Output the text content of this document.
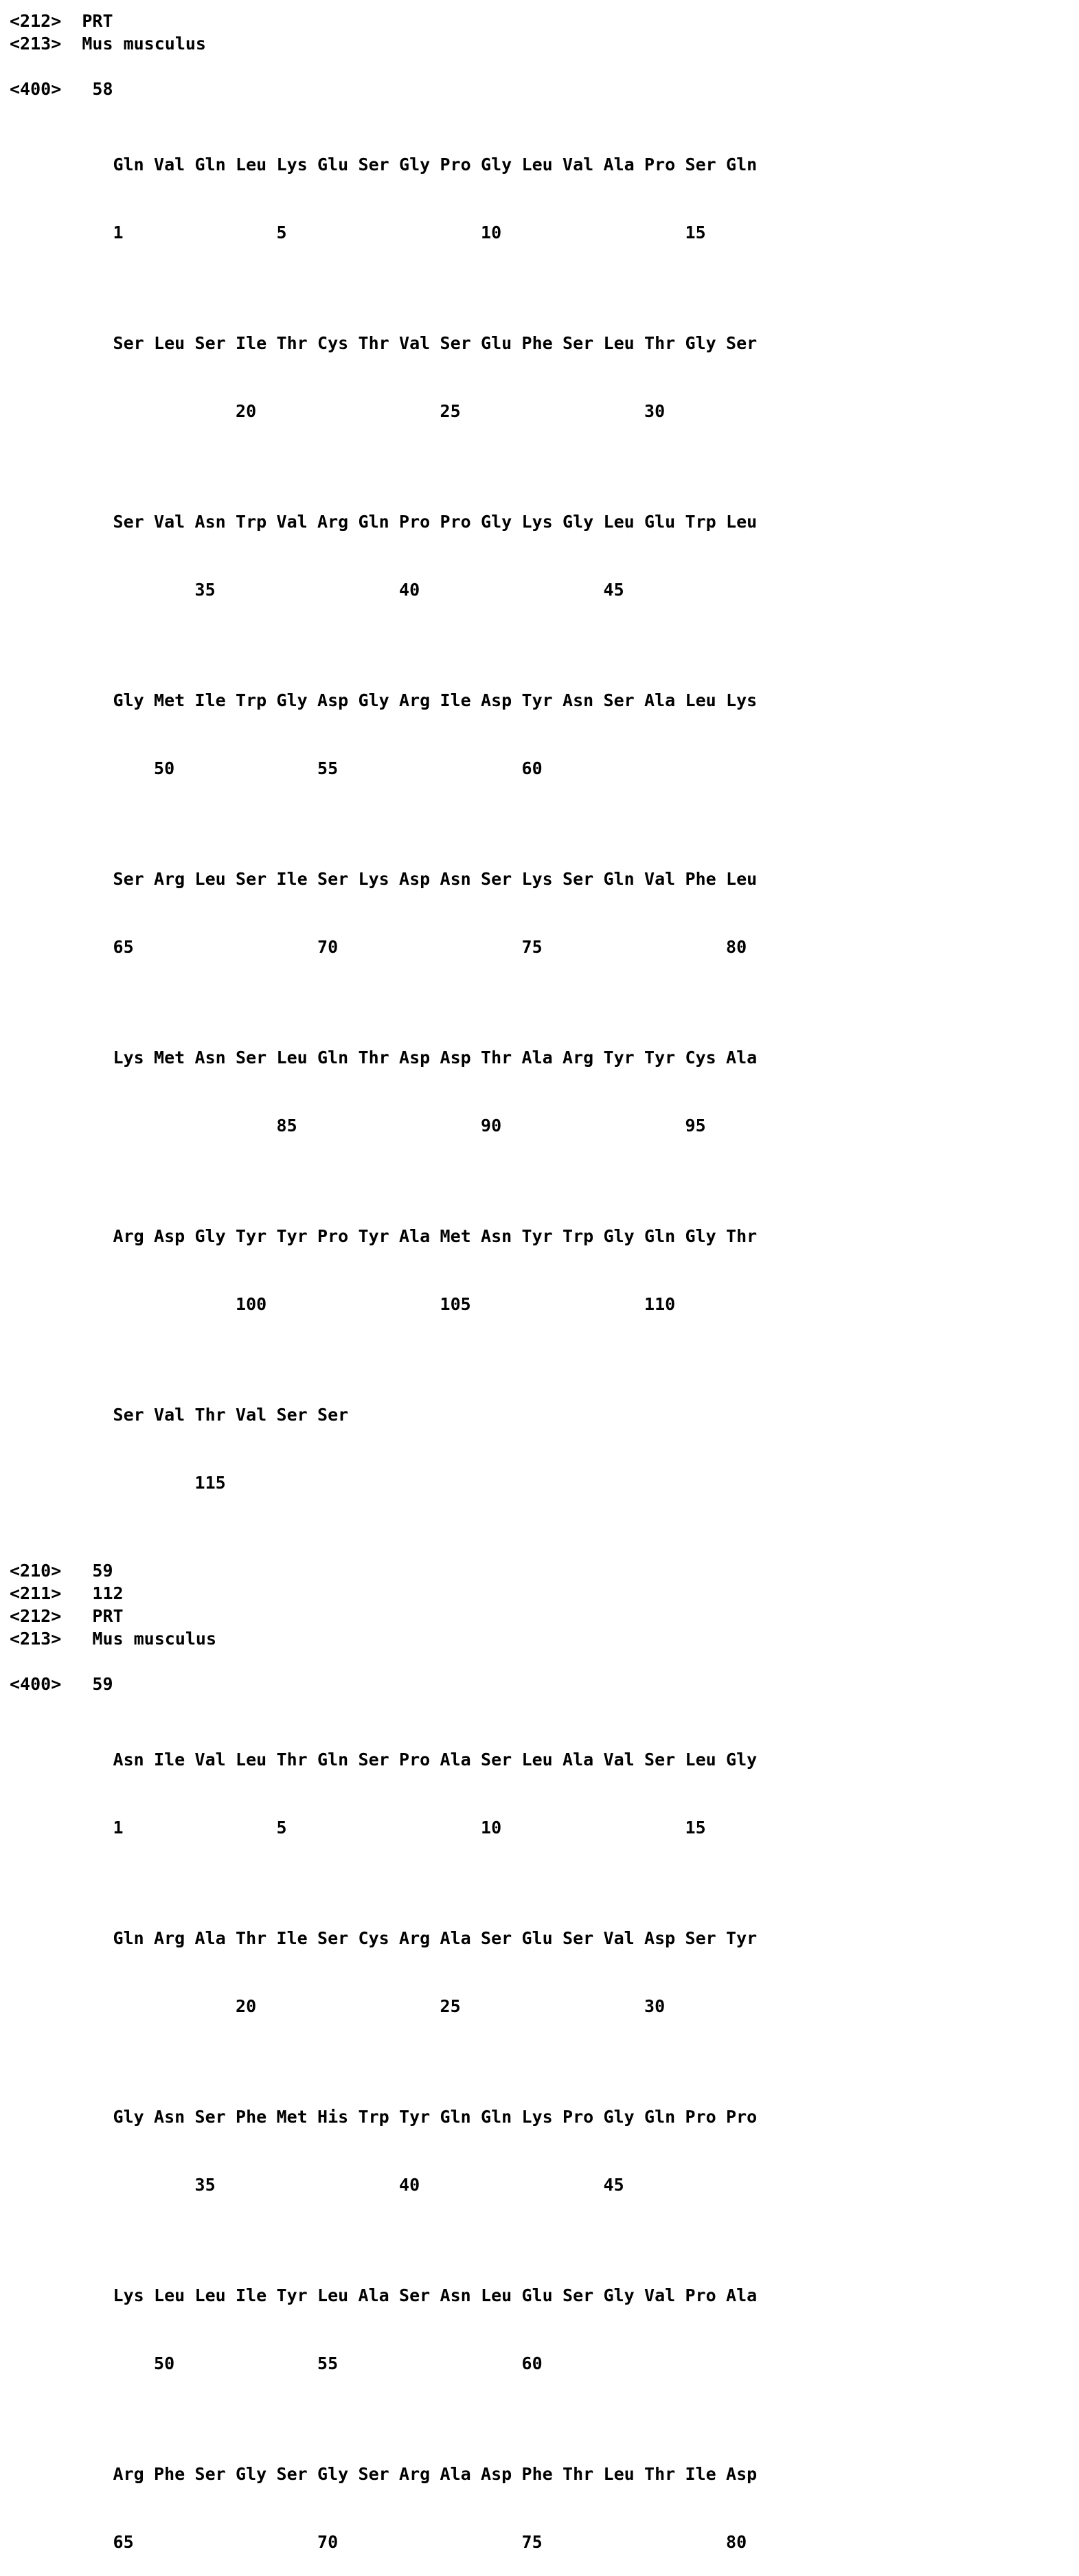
<212>  PRT
<213>  Mus musculus
<400>   58

Gln Val Gln Leu Lys Glu Ser Gly Pro Gly Leu Val Ala Pro Ser Gln

1	5	10	15

Ser Leu Ser Ile Thr Cys Thr Val Ser Glu Phe Ser Leu Thr Gly Ser

20	25	30

Ser Val Asn Trp Val Arg Gln Pro Pro Gly Lys Gly Leu Glu Trp Leu

35	40	45

Gly Met Ile Trp Gly Asp Gly Arg Ile Asp Tyr Asn Ser Ala Leu Lys

50	55	60

Ser Arg Leu Ser Ile Ser Lys Asp Asn Ser Lys Ser Gln Val Phe Leu

65	70	75	80

Lys Met Asn Ser Leu Gln Thr Asp Asp Thr Ala Arg Tyr Tyr Cys Ala

85	90	95

Arg Asp Gly Tyr Tyr Pro Tyr Ala Met Asn Tyr Trp Gly Gln Gly Thr

100	105	110

Ser Val Thr Val Ser Ser

115

<210>   59
<211>   112
<212>   PRT
<213>   Mus musculus
<400>   59

Asn Ile Val Leu Thr Gln Ser Pro Ala Ser Leu Ala Val Ser Leu Gly

1	5	10	15

Gln Arg Ala Thr Ile Ser Cys Arg Ala Ser Glu Ser Val Asp Ser Tyr

20	25	30

Gly Asn Ser Phe Met His Trp Tyr Gln Gln Lys Pro Gly Gln Pro Pro

35	40	45

Lys Leu Leu Ile Tyr Leu Ala Ser Asn Leu Glu Ser Gly Val Pro Ala

50	55	60

Arg Phe Ser Gly Ser Gly Ser Arg Ala Asp Phe Thr Leu Thr Ile Asp

65	70	75	80
